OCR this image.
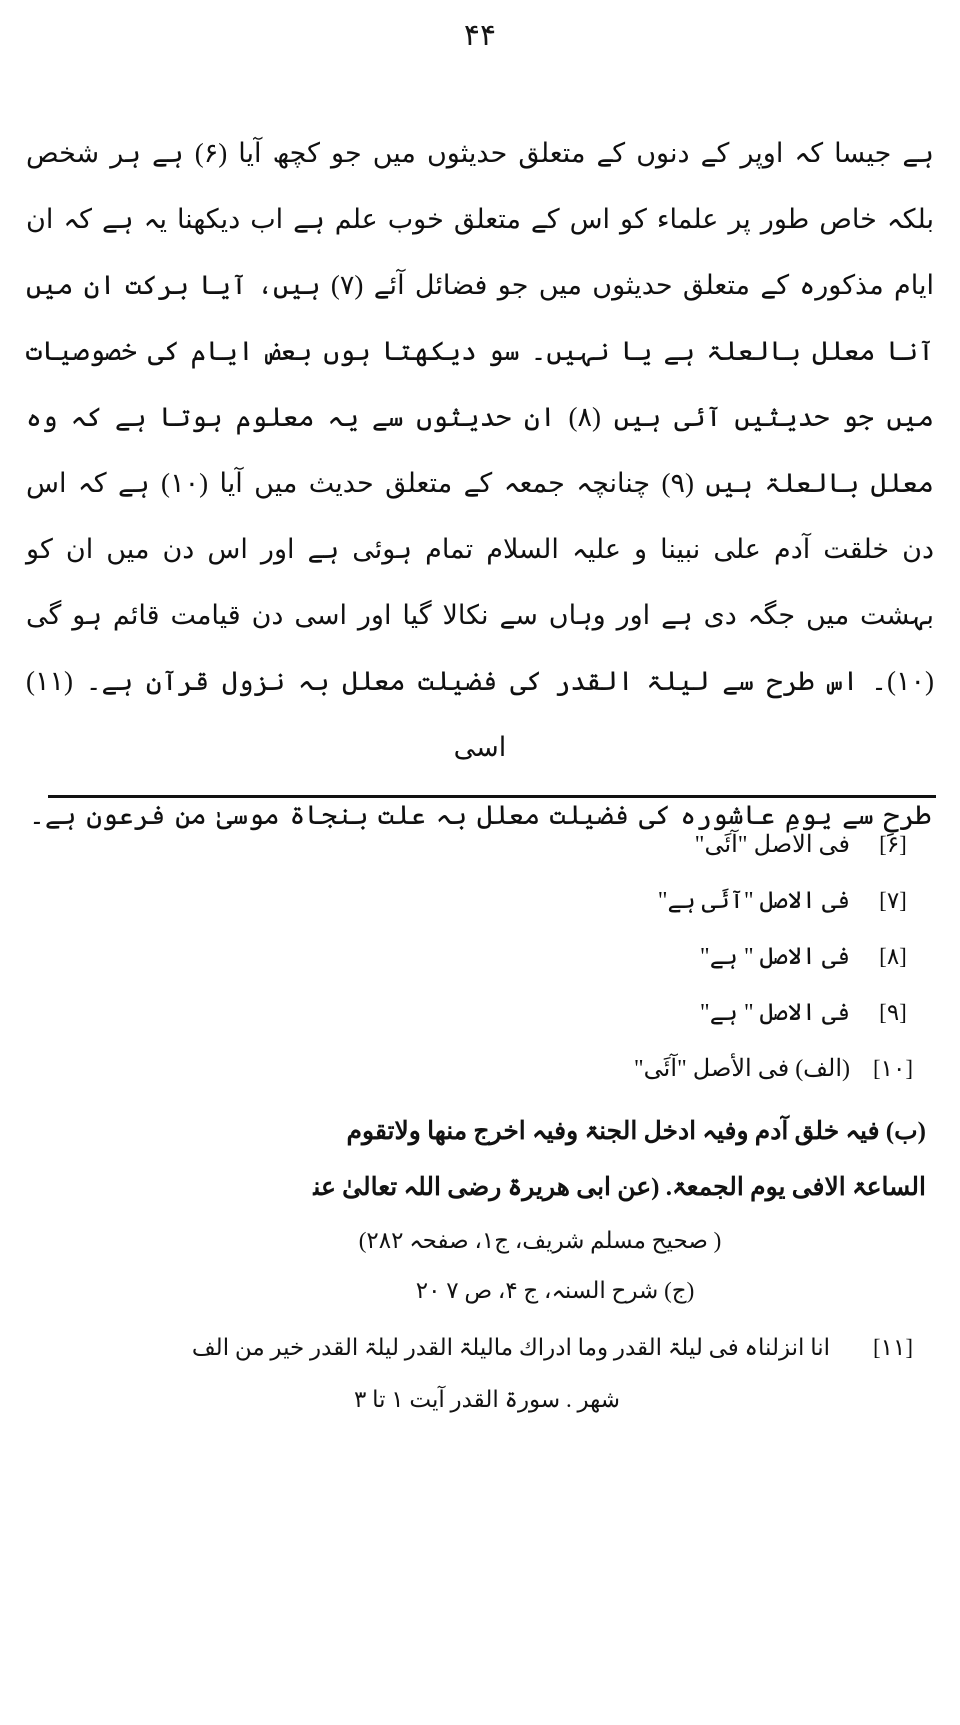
۴۴

ہے جیسا کہ اوپر کے دنوں کے متعلق حدیثوں میں جو کچھ آیا (۶) ہے ہر شخص بلکہ خاص طور پر علماء کو اس کے متعلق خوب علم ہے اب دیکھنا یہ ہے کہ ان ایام مذکورہ کے متعلق حدیثوں میں جو فضائل آئے (۷) ہیں، آیا برکت ان میں آنا معلل بالعلۃ ہے یا نہیں۔ سو دیکھتا ہوں بعض ایام کی خصوصیات میں جو حدیثیں آئی ہیں (۸) ان حدیثوں سے یہ معلوم ہوتا ہے کہ وہ معلل بالعلۃ ہیں (۹) چنانچہ جمعہ کے متعلق حدیث میں آیا (۱۰) ہے کہ اس دن خلقت آدم علی نبینا و علیہ السلام تمام ہوئی ہے اور اس دن میں ان کو بہشت میں جگہ دی ہے اور وہاں سے نکالا گیا اور اسی دن قیامت قائم ہو گی (۱۰)۔ اس طرح سے لیلۃ القدر کی فضیلت معلل بہ نزول قرآن ہے۔ (۱۱) اسی

طرحِ سے یومِ عاشورہ کی فضیلت معلل بہ علت بنجاۃ موسیٰ من فرعون ہے۔

[۶]
فی الاصل "آئَی"
[۷]
فی الاصل "آئَی ہے"
[۸]
فی الاصل " ہے"
[۹]
فی الاصل " ہے"
[۱۰]
(الف) فی الأصل "آئَی"
(ب) فیہ خلق آدم وفیہ ادخل الجنۃ وفیہ اخرج منھا ولاتقوم
الساعۃ الافی یوم الجمعۃ. (عن ابی ھریرۃ رضی اللہ تعالیٰ عنہٗ
( صحیح مسلم شریف، ج۱، صفحہ ۲۸۲)
(ج) شرح السنہ، ج ۴، ص ۷ ۲۰
[۱۱]
انا انزلناہ فی لیلۃ القدر وما ادراك ماليلۃ القدر ليلۃ القدر خير من الف
شھر . سورۃ القدر آیت ۱ تا ۳
